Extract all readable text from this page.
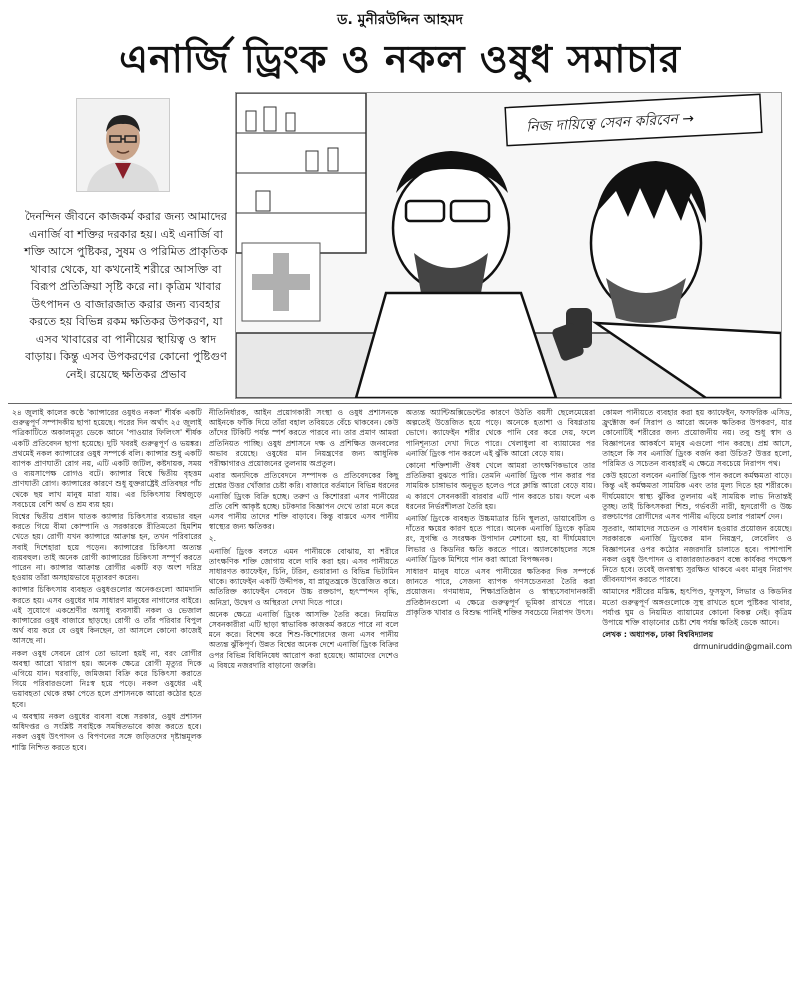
ড. মুনীরউদ্দিন আহমদ
এনার্জি ড্রিংক ও নকল ওষুধ সমাচার
নিজ দায়িত্বে সেবন করিবেন →
দৈনন্দিন জীবনে কাজকর্ম করার জন্য আমাদের এনার্জি বা শক্তির দরকার হয়। এই এনার্জি বা শক্তি আসে পুষ্টিকর, সুষম ও পরিমিত প্রাকৃতিক খাবার থেকে, যা কখনোই শরীরে আসক্তি বা বিরূপ প্রতিক্রিয়া সৃষ্টি করে না। কৃত্রিম খাবার উৎপাদন ও বাজারজাত করার জন্য ব্যবহার করতে হয় বিভিন্ন রকম ক্ষতিকর উপকরণ, যা এসব খাবারের বা পানীয়ের স্থায়িত্ব ও স্বাদ বাড়ায়। কিন্তু এসব উপকরণের কোনো পুষ্টিগুণ নেই। রয়েছে ক্ষতিকর প্রভাব

২৪ জুলাই কালের কণ্ঠে 'ক্যান্সারের ওষুধও নকল' শীর্ষক একটি গুরুত্বপূর্ণ সম্পাদকীয় ছাপা হয়েছে। পরের দিন অর্থাৎ ২৫ জুলাই পত্রিকাটিতে অকালমৃত্যু ডেকে আনে 'পাওয়ার ফিলিংস' শীর্ষক একটি প্রতিবেদন ছাপা হয়েছে। দুটি খবরই গুরুত্বপূর্ণ ও ভয়ঙ্কর। প্রথমেই নকল ক্যান্সারের ওষুধ সম্পর্কে বলি। ক্যান্সার শুধু একটি ব্যাপক প্রাণঘাতী রোগ নয়, এটি একটি জটিল, কষ্টদায়ক, সময় ও ব্যয়সাপেক্ষ রোগও বটে। ক্যান্সার বিশ্বে দ্বিতীয় বৃহত্তম প্রাণঘাতী রোগ। ক্যান্সারের কারণে শুধু যুক্তরাষ্ট্রেই প্রতিবছর পাঁচ থেকে ছয় লাখ মানুষ মারা যায়। এর চিকিৎসায় বিশ্বজুড়ে সবচেয়ে বেশি অর্থ ও শ্রম ব্যয় হয়।

বিশ্বের দ্বিতীয় প্রধান ঘাতক ক্যান্সার চিকিৎসার ব্যয়ভার বহন করতে গিয়ে বীমা কোম্পানি ও সরকারকে রীতিমতো হিমশিম খেতে হয়। রোগী যখন ক্যান্সারে আক্রান্ত হন, তখন পরিবারের সবাই দিশেহারা হয়ে পড়েন। ক্যান্সারের চিকিৎসা অত্যন্ত ব্যয়বহুল। তাই অনেক রোগী ক্যান্সারের চিকিৎসা সম্পূর্ণ করতে পারেন না। ক্যান্সার আক্রান্ত রোগীর একটি বড় অংশ দরিদ্র হওয়ায় তাঁরা অসহায়ভাবে মৃত্যুবরণ করেন।

ক্যান্সার চিকিৎসায় ব্যবহৃত ওষুধগুলোর অনেকগুলো আমদানি করতে হয়। এসব ওষুধের দাম সাধারণ মানুষের নাগালের বাইরে। এই সুযোগে একশ্রেণীর অসাধু ব্যবসায়ী নকল ও ভেজাল ক্যান্সারের ওষুধ বাজারে ছাড়ছে। রোগী ও তাঁর পরিবার বিপুল অর্থ ব্যয় করে যে ওষুধ কিনছেন, তা আসলে কোনো কাজেই আসছে না।

নকল ওষুধ সেবনে রোগ তো ভালো হয়ই না, বরং রোগীর অবস্থা আরো খারাপ হয়। অনেক ক্ষেত্রে রোগী মৃত্যুর দিকে এগিয়ে যান। ঘরবাড়ি, জমিজমা বিক্রি করে চিকিৎসা করাতে গিয়ে পরিবারগুলো নিঃস্ব হয়ে পড়ে। নকল ওষুধের এই ভয়াবহতা থেকে রক্ষা পেতে হলে প্রশাসনকে আরো কঠোর হতে হবে।

এ অবস্থায় নকল ওষুধের ব্যবসা বন্ধে সরকার, ওষুধ প্রশাসন অধিদপ্তর ও সংশ্লিষ্ট সবাইকে সমন্বিতভাবে কাজ করতে হবে। নকল ওষুধ উৎপাদন ও বিপণনের সঙ্গে জড়িতদের দৃষ্টান্তমূলক শাস্তি নিশ্চিত করতে হবে।

নীতিনির্ধারক, আইন প্রয়োগকারী সংস্থা ও ওষুধ প্রশাসনকে আইনকে ফাঁকি দিয়ে তাঁরা বহাল তবিয়তে বেঁচে থাকবেন। কেউ তাঁদের টিকিটি পর্যন্ত স্পর্শ করতে পারবে না। তার প্রমাণ আমরা প্রতিনিয়ত পাচ্ছি। ওষুধ প্রশাসনে দক্ষ ও প্রশিক্ষিত জনবলের অভাব রয়েছে। ওষুধের মান নিয়ন্ত্রণের জন্য আধুনিক পরীক্ষাগারও প্রয়োজনের তুলনায় অপ্রতুল।

এবার অন্যদিকে প্রতিবেদনে সম্পাদক ও প্রতিবেদকের কিছু প্রশ্নের উত্তর খোঁজার চেষ্টা করি। বাজারে বর্তমানে বিভিন্ন ধরনের এনার্জি ড্রিংক বিক্রি হচ্ছে। তরুণ ও কিশোররা এসব পানীয়ের প্রতি বেশি আকৃষ্ট হচ্ছে। চটকদার বিজ্ঞাপন দেখে তারা মনে করে এসব পানীয় তাদের শক্তি বাড়াবে। কিন্তু বাস্তবে এসব পানীয় স্বাস্থ্যের জন্য ক্ষতিকর।

২.

এনার্জি ড্রিংক বলতে এমন পানীয়কে বোঝায়, যা শরীরে তাৎক্ষণিক শক্তি জোগায় বলে দাবি করা হয়। এসব পানীয়তে সাধারণত ক্যাফেইন, চিনি, টরিন, গুয়ারানা ও বিভিন্ন ভিটামিন থাকে। ক্যাফেইন একটি উদ্দীপক, যা স্নায়ুতন্ত্রকে উত্তেজিত করে। অতিরিক্ত ক্যাফেইন সেবনে উচ্চ রক্তচাপ, হৃৎস্পন্দন বৃদ্ধি, অনিদ্রা, উদ্বেগ ও অস্থিরতা দেখা দিতে পারে।

অনেক ক্ষেত্রে এনার্জি ড্রিংক আসক্তি তৈরি করে। নিয়মিত সেবনকারীরা এটি ছাড়া স্বাভাবিক কাজকর্ম করতে পারে না বলে মনে করে। বিশেষ করে শিশু-কিশোরদের জন্য এসব পানীয় অত্যন্ত ঝুঁকিপূর্ণ। উন্নত বিশ্বের অনেক দেশে এনার্জি ড্রিংক বিক্রির ওপর বিভিন্ন বিধিনিষেধ আরোপ করা হয়েছে। আমাদের দেশেও এ বিষয়ে নজরদারি বাড়ানো জরুরি।

অত্যন্ত অ্যান্টিঅক্সিডেন্টের কারণে উঠতি বয়সী ছেলেমেয়েরা অল্পতেই উত্তেজিত হয়ে পড়ে। অনেকে হতাশা ও বিষণ্ণতায় ভোগে। ক্যাফেইন শরীর থেকে পানি বের করে দেয়, ফলে পানিশূন্যতা দেখা দিতে পারে। খেলাধুলা বা ব্যায়ামের পর এনার্জি ড্রিংক পান করলে এই ঝুঁকি আরো বেড়ে যায়।

কোনো শক্তিশালী ঔষধ খেলে আমরা তাৎক্ষণিকভাবে তার প্রতিক্রিয়া বুঝতে পারি। তেমনি এনার্জি ড্রিংক পান করার পর সাময়িক চাঙ্গাভাব অনুভূত হলেও পরে ক্লান্তি আরো বেড়ে যায়। এ কারণে সেবনকারী বারবার এটি পান করতে চায়। ফলে এক ধরনের নির্ভরশীলতা তৈরি হয়।

এনার্জি ড্রিংকে ব্যবহৃত উচ্চমাত্রার চিনি স্থূলতা, ডায়াবেটিস ও দাঁতের ক্ষয়ের কারণ হতে পারে। অনেক এনার্জি ড্রিংকে কৃত্রিম রং, সুগন্ধি ও সংরক্ষক উপাদান মেশানো হয়, যা দীর্ঘমেয়াদে লিভার ও কিডনির ক্ষতি করতে পারে। অ্যালকোহলের সঙ্গে এনার্জি ড্রিংক মিশিয়ে পান করা আরো বিপজ্জনক।

সাধারণ মানুষ যাতে এসব পানীয়ের ক্ষতিকর দিক সম্পর্কে জানতে পারে, সেজন্য ব্যাপক গণসচেতনতা তৈরি করা প্রয়োজন। গণমাধ্যম, শিক্ষাপ্রতিষ্ঠান ও স্বাস্থ্যসেবাদানকারী প্রতিষ্ঠানগুলো এ ক্ষেত্রে গুরুত্বপূর্ণ ভূমিকা রাখতে পারে। প্রাকৃতিক খাবার ও বিশুদ্ধ পানিই শক্তির সবচেয়ে নিরাপদ উৎস।

কোমল পানীয়তে ব্যবহার করা হয় ক্যাফেইন, ফসফরিক এসিড, ফ্রুক্টোজ কর্ন সিরাপ ও আরো অনেক ক্ষতিকর উপকরণ, যার কোনোটিই শরীরের জন্য প্রয়োজনীয় নয়। তবু শুধু স্বাদ ও বিজ্ঞাপনের আকর্ষণে মানুষ এগুলো পান করছে। প্রশ্ন আসে, তাহলে কি সব এনার্জি ড্রিংক বর্জন করা উচিত? উত্তর হলো, পরিমিত ও সচেতন ব্যবহারই এ ক্ষেত্রে সবচেয়ে নিরাপদ পথ।

কেউ হয়তো বলবেন এনার্জি ড্রিংক পান করলে কর্মক্ষমতা বাড়ে। কিন্তু এই কর্মক্ষমতা সাময়িক এবং তার মূল্য দিতে হয় শরীরকে। দীর্ঘমেয়াদে স্বাস্থ্য ঝুঁকির তুলনায় এই সাময়িক লাভ নিতান্তই তুচ্ছ। তাই চিকিৎসকরা শিশু, গর্ভবতী নারী, হৃদরোগী ও উচ্চ রক্তচাপের রোগীদের এসব পানীয় এড়িয়ে চলার পরামর্শ দেন।

সুতরাং, আমাদের সচেতন ও সাবধান হওয়ার প্রয়োজন রয়েছে। সরকারকে এনার্জি ড্রিংকের মান নিয়ন্ত্রণ, লেবেলিং ও বিজ্ঞাপনের ওপর কঠোর নজরদারি চালাতে হবে। পাশাপাশি নকল ওষুধ উৎপাদন ও বাজারজাতকরণ বন্ধে কার্যকর পদক্ষেপ নিতে হবে। তবেই জনস্বাস্থ্য সুরক্ষিত থাকবে এবং মানুষ নিরাপদ জীবনযাপন করতে পারবে।

আমাদের শরীরের মস্তিষ্ক, হৃৎপিণ্ড, ফুসফুস, লিভার ও কিডনির মতো গুরুত্বপূর্ণ অঙ্গগুলোকে সুস্থ রাখতে হলে পুষ্টিকর খাবার, পর্যাপ্ত ঘুম ও নিয়মিত ব্যায়ামের কোনো বিকল্প নেই। কৃত্রিম উপায়ে শক্তি বাড়ানোর চেষ্টা শেষ পর্যন্ত ক্ষতিই ডেকে আনে।

লেখক : অধ্যাপক, ঢাকা বিশ্ববিদ্যালয়

drmuniruddin@gmail.com
